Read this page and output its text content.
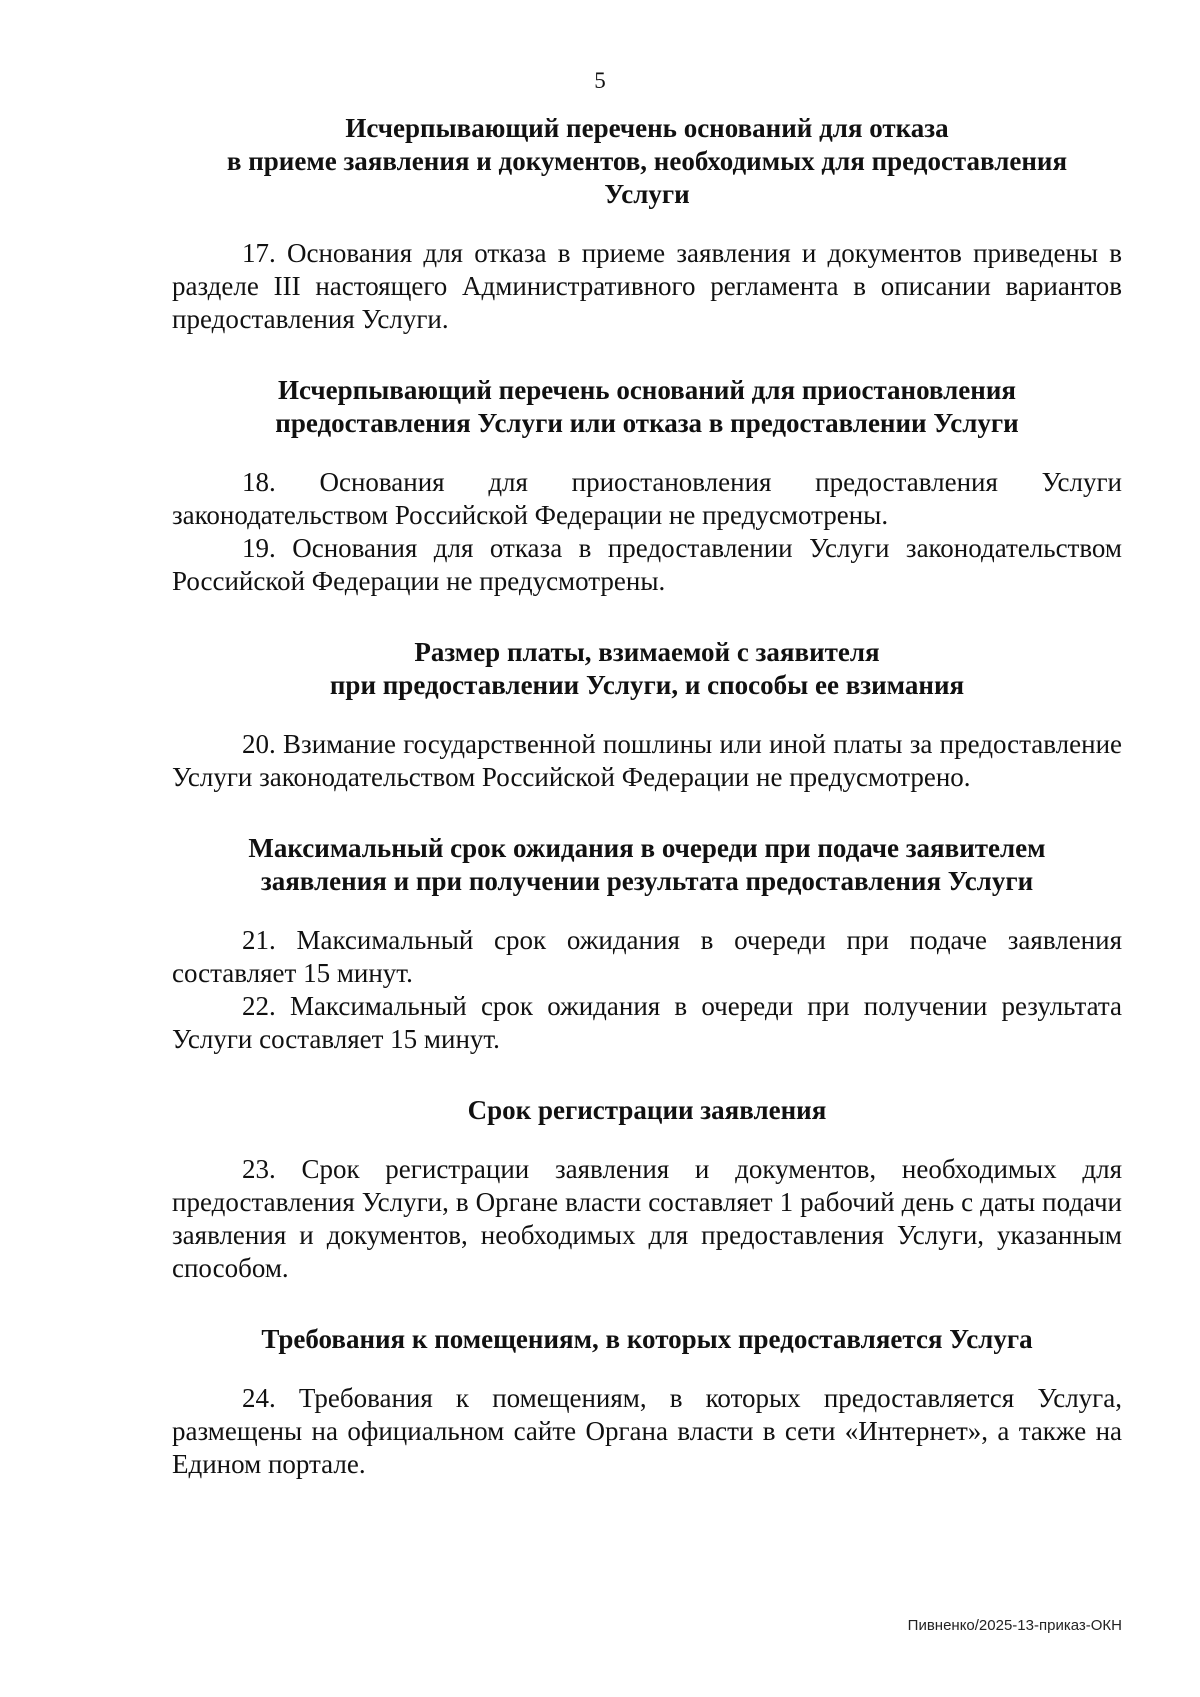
5

Исчерпывающий перечень оснований для отказа
в приеме заявления и документов, необходимых для предоставления
Услуги

17. Основания для отказа в приеме заявления и документов приведены в разделе III настоящего Административного регламента в описании вариантов предоставления Услуги.

Исчерпывающий перечень оснований для приостановления
предоставления Услуги или отказа в предоставлении Услуги

18. Основания для приостановления предоставления Услуги законодательством Российской Федерации не предусмотрены.

19. Основания для отказа в предоставлении Услуги законодательством Российской Федерации не предусмотрены.

Размер платы, взимаемой с заявителя
при предоставлении Услуги, и способы ее взимания

20. Взимание государственной пошлины или иной платы за предоставление Услуги законодательством Российской Федерации не предусмотрено.

Максимальный срок ожидания в очереди при подаче заявителем
заявления и при получении результата предоставления Услуги

21. Максимальный срок ожидания в очереди при подаче заявления составляет 15 минут.

22. Максимальный срок ожидания в очереди при получении результата Услуги составляет 15 минут.

Срок регистрации заявления

23. Срок регистрации заявления и документов, необходимых для предоставления Услуги, в Органе власти составляет 1 рабочий день с даты подачи заявления и документов, необходимых для предоставления Услуги, указанным способом.

Требования к помещениям, в которых предоставляется Услуга

24. Требования к помещениям, в которых предоставляется Услуга, размещены на официальном сайте Органа власти в сети «Интернет», а также на Едином портале.

Пивненко/2025-13-приказ-ОКН
